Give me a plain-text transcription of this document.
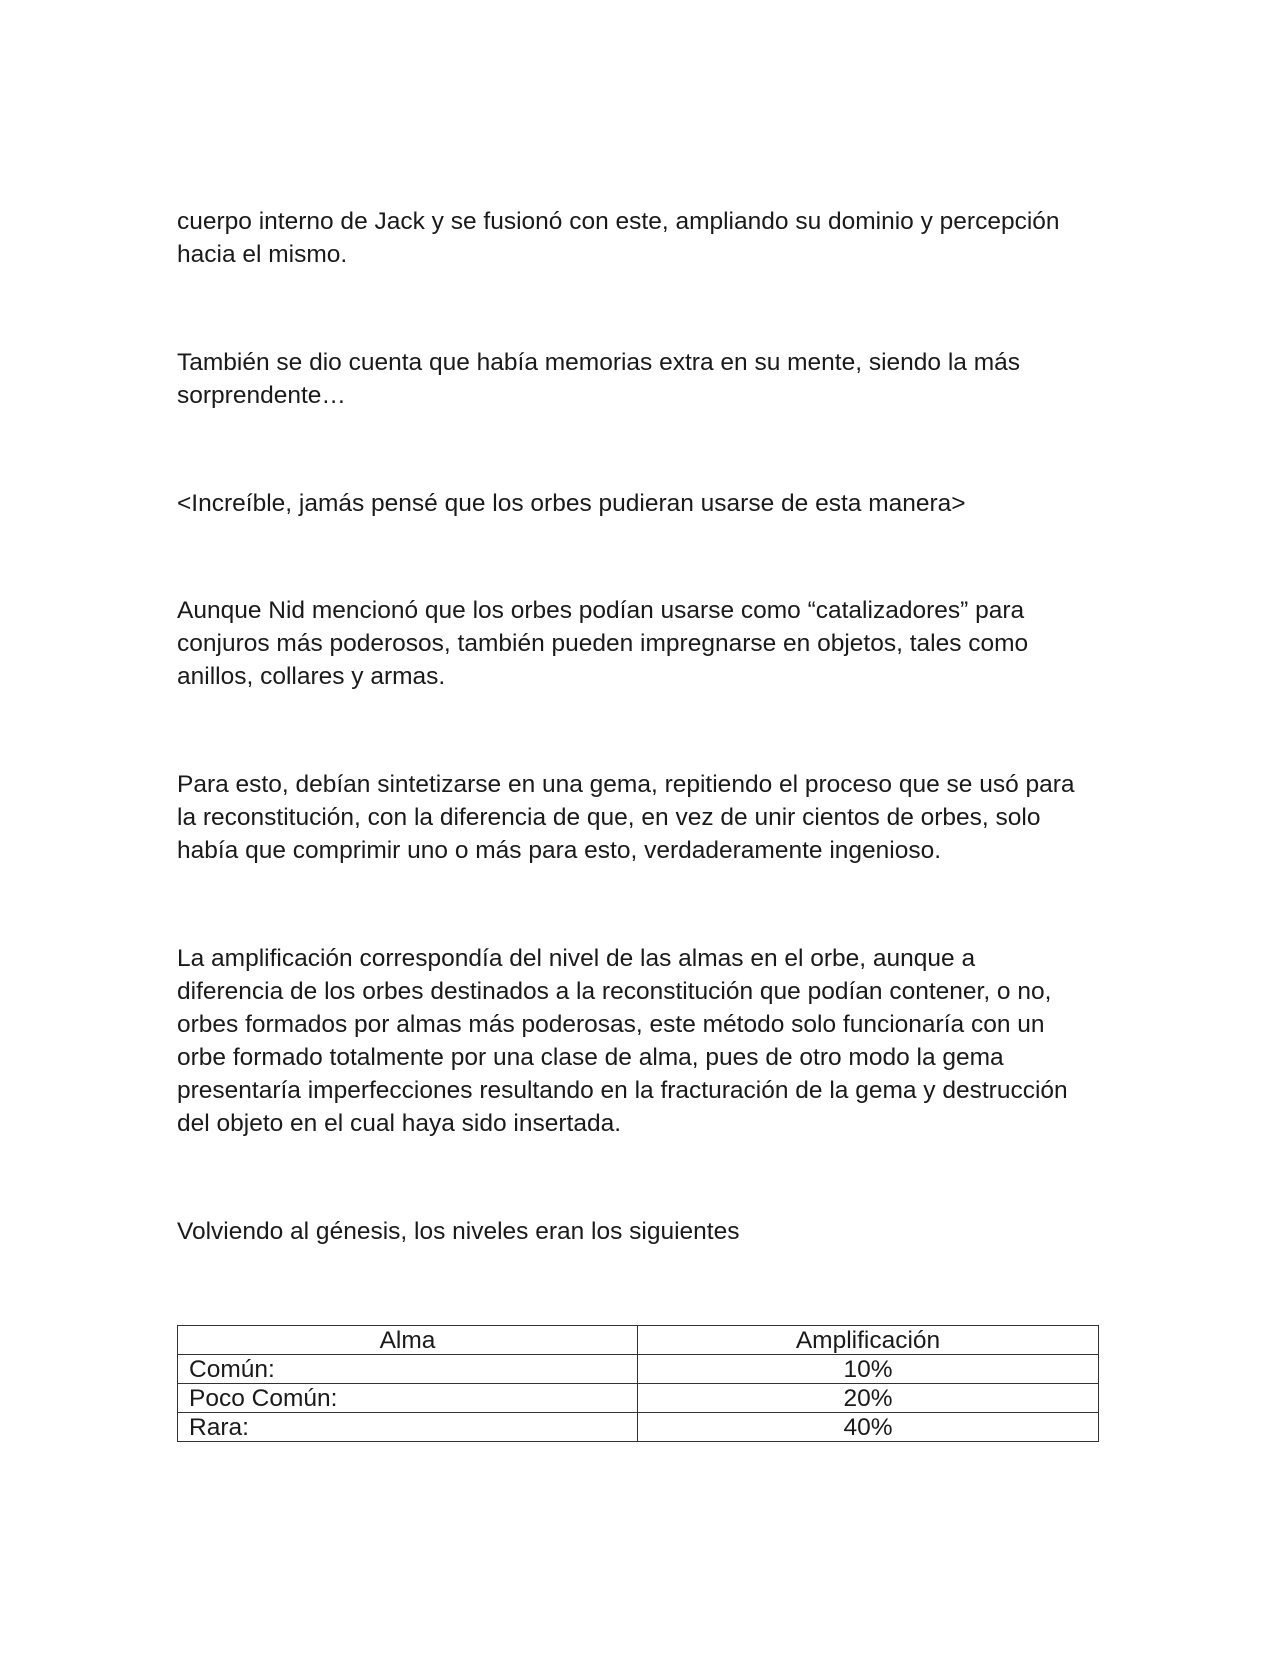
cuerpo interno de Jack y se fusionó con este, ampliando su dominio y percepción
hacia el mismo.

También se dio cuenta que había memorias extra en su mente, siendo la más
sorprendente…

<Increíble, jamás pensé que los orbes pudieran usarse de esta manera>

Aunque Nid mencionó que los orbes podían usarse como “catalizadores” para
conjuros más poderosos, también pueden impregnarse en objetos, tales como
anillos, collares y armas.

Para esto, debían sintetizarse en una gema, repitiendo el proceso que se usó para
la reconstitución, con la diferencia de que, en vez de unir cientos de orbes, solo
había que comprimir uno o más para esto, verdaderamente ingenioso.

La amplificación correspondía del nivel de las almas en el orbe, aunque a
diferencia de los orbes destinados a la reconstitución que podían contener, o no,
orbes formados por almas más poderosas, este método solo funcionaría con un
orbe formado totalmente por una clase de alma, pues de otro modo la gema
presentaría imperfecciones resultando en la fracturación de la gema y destrucción
del objeto en el cual haya sido insertada.

Volviendo al génesis, los niveles eran los siguientes

Alma	Amplificación
Común:	10%
Poco Común:	20%
Rara:	40%
